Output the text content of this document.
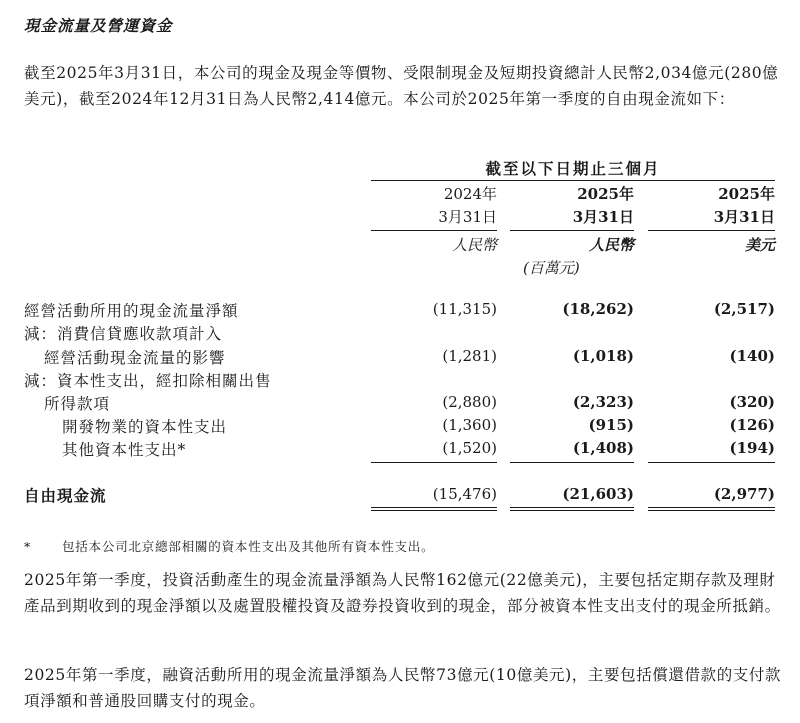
現金流量及營運資金
截至2025年3月31日，本公司的現金及現金等價物、受限制現金及短期投資總計人民幣2,034億元(280億美元)，截至2024年12月31日為人民幣2,414億元。本公司於2025年第一季度的自由現金流如下：
截至以下日期止三個月
2024年	2025年	2025年
3月31日	3月31日	3月31日
人民幣	人民幣	美元
(百萬元)
經營活動所用的現金流量淨額	(11,315)	(18,262)	(2,517)
減：消費信貸應收款項計入
經營活動現金流量的影響	(1,281)	(1,018)	(140)
減：資本性支出，經扣除相關出售
所得款項	(2,880)	(2,323)	(320)
開發物業的資本性支出	(1,360)	(915)	(126)
其他資本性支出*	(1,520)	(1,408)	(194)
自由現金流	(15,476)	(21,603)	(2,977)
* 包括本公司北京總部相關的資本性支出及其他所有資本性支出。
2025年第一季度，投資活動產生的現金流量淨額為人民幣162億元(22億美元)，主要包括定期存款及理財產品到期收到的現金淨額以及處置股權投資及證券投資收到的現金，部分被資本性支出支付的現金所抵銷。
2025年第一季度，融資活動所用的現金流量淨額為人民幣73億元(10億美元)，主要包括償還借款的支付款項淨額和普通股回購支付的現金。
